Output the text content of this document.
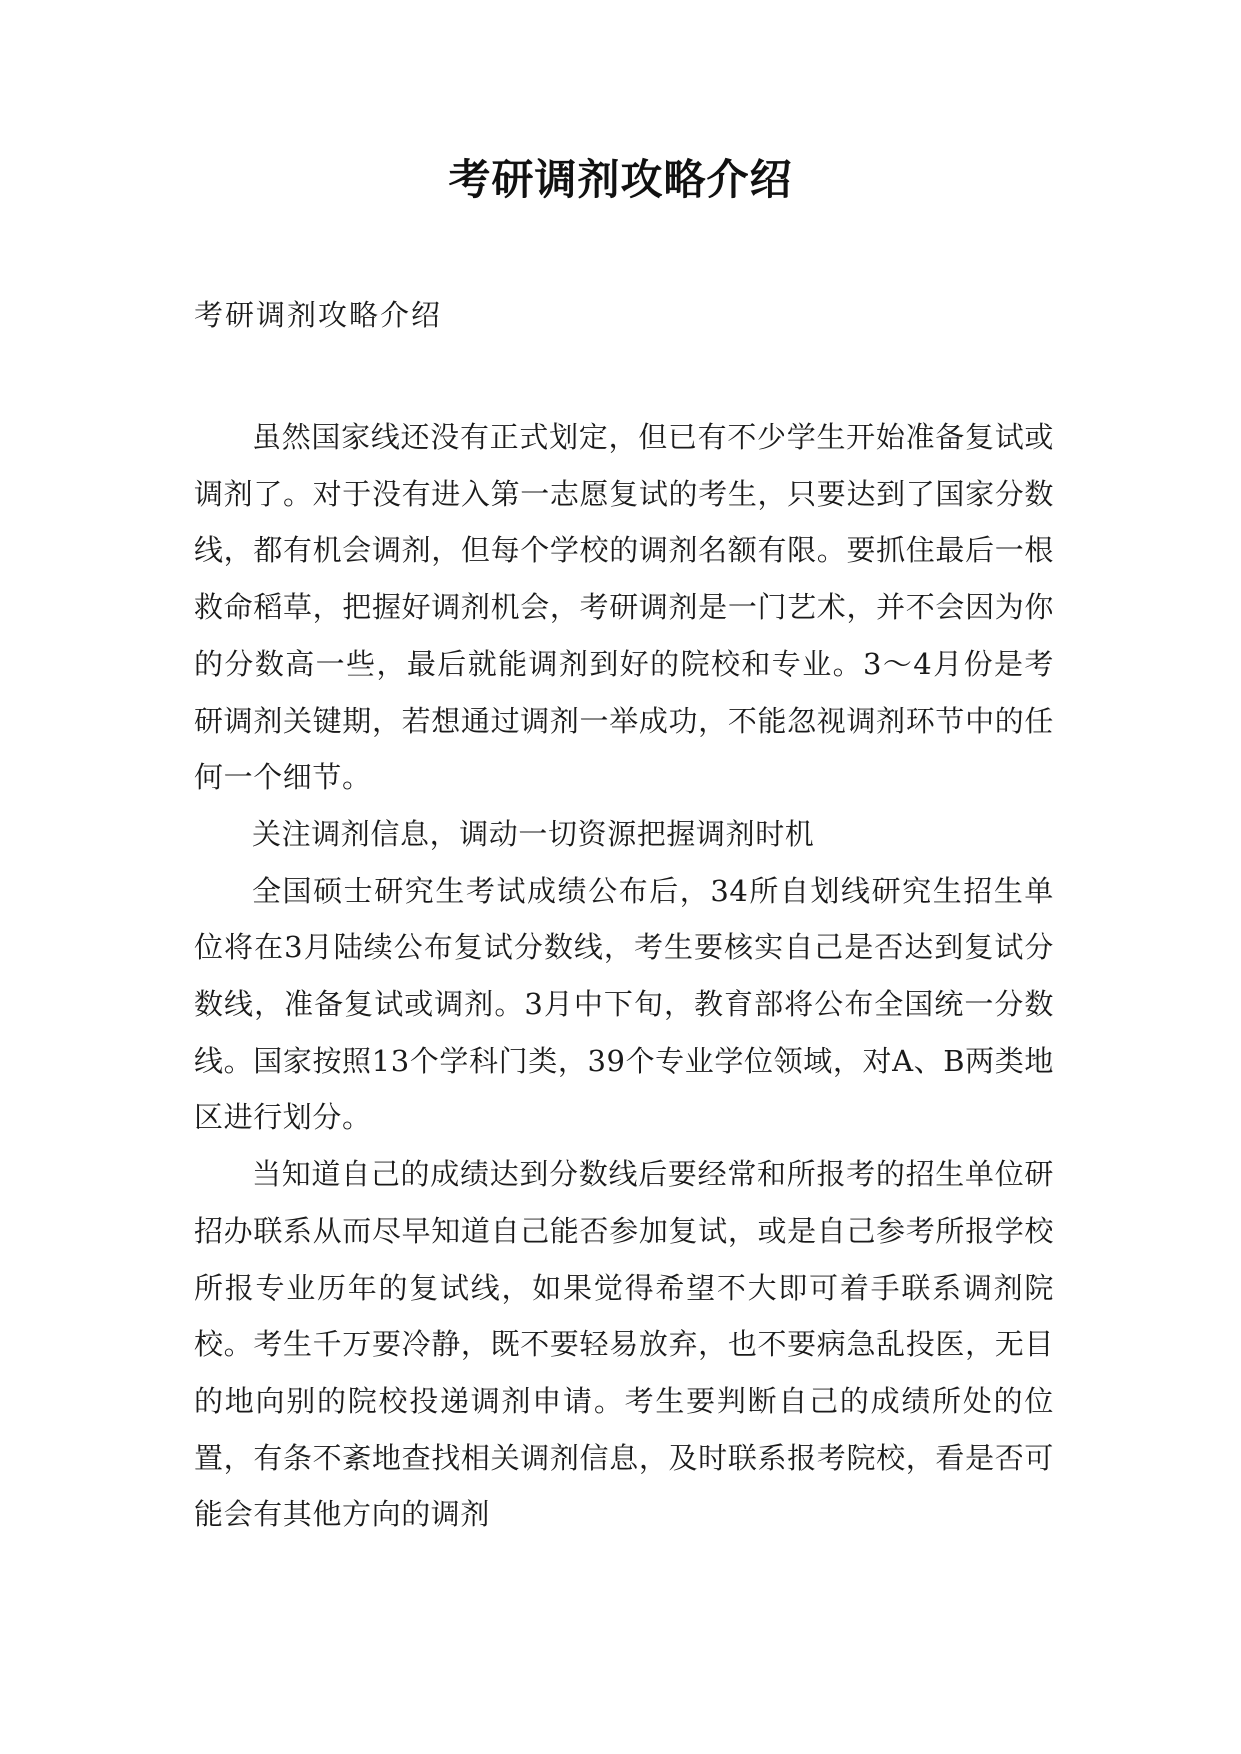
考研调剂攻略介绍
考研调剂攻略介绍

虽然国家线还没有正式划定，但已有不少学生开始准备复试或调剂了。对于没有进入第一志愿复试的考生，只要达到了国家分数线，都有机会调剂，但每个学校的调剂名额有限。要抓住最后一根救命稻草，把握好调剂机会，考研调剂是一门艺术，并不会因为你的分数高一些，最后就能调剂到好的院校和专业。3～4月份是考研调剂关键期，若想通过调剂一举成功，不能忽视调剂环节中的任何一个细节。

关注调剂信息，调动一切资源把握调剂时机

全国硕士研究生考试成绩公布后，34所自划线研究生招生单位将在3月陆续公布复试分数线，考生要核实自己是否达到复试分数线，准备复试或调剂。3月中下旬，教育部将公布全国统一分数线。国家按照13个学科门类，39个专业学位领域，对A、B两类地区进行划分。

当知道自己的成绩达到分数线后要经常和所报考的招生单位研招办联系从而尽早知道自己能否参加复试，或是自己参考所报学校所报专业历年的复试线，如果觉得希望不大即可着手联系调剂院校。考生千万要冷静，既不要轻易放弃，也不要病急乱投医，无目的地向别的院校投递调剂申请。考生要判断自己的成绩所处的位置，有条不紊地查找相关调剂信息，及时联系报考院校，看是否可能会有其他方向的调剂
